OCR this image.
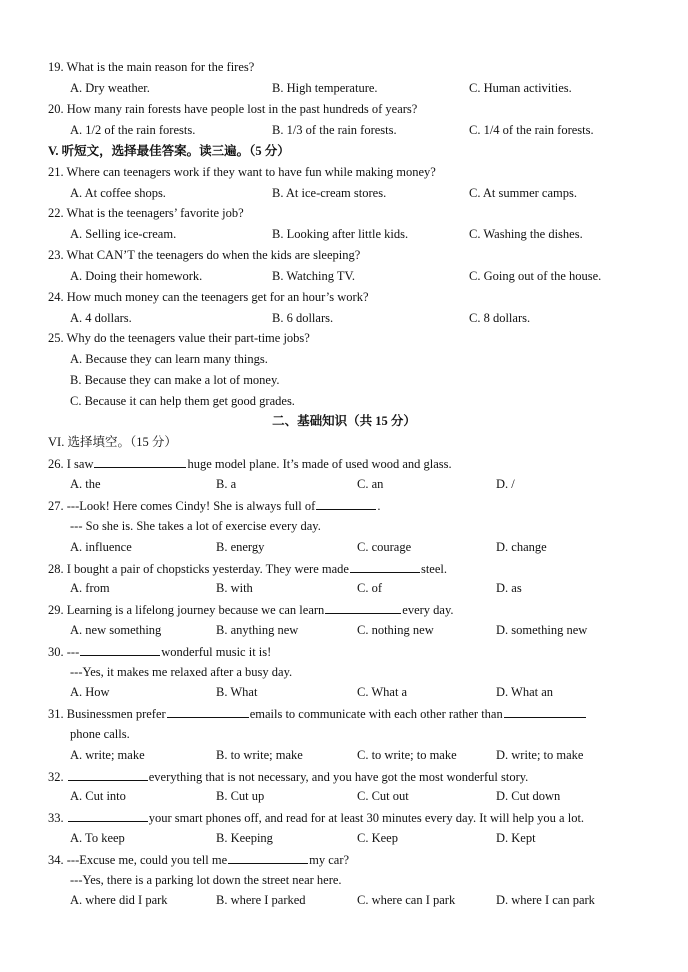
19. What is the main reason for the fires?
A. Dry weather.	B. High temperature.	C. Human activities.
20. How many rain forests have people lost in the past hundreds of years?
A. 1/2 of the rain forests.	B. 1/3 of the rain forests.	C. 1/4 of the rain forests.
V. 听短文，选择最佳答案。读三遍。（5 分）
21. Where can teenagers work if they want to have fun while making money?
A. At coffee shops.	B. At ice-cream stores.	C. At summer camps.
22. What is the teenagers’ favorite job?
A. Selling ice-cream.	B. Looking after little kids.	C. Washing the dishes.
23. What CAN’T the teenagers do when the kids are sleeping?
A. Doing their homework.	B. Watching TV.	C. Going out of the house.
24. How much money can the teenagers get for an hour’s work?
A. 4 dollars.	B. 6 dollars.	C. 8 dollars.
25. Why do the teenagers value their part-time jobs?
A. Because they can learn many things.
B. Because they can make a lot of money.
C. Because it can help them get good grades.
二、基础知识（共 15 分）
VI. 选择填空。（15 分）
26. I saw	huge model plane. It’s made of used wood and glass.
A. the	B. a	C. an	D. /
27. ---Look! Here comes Cindy! She is always full of	.
--- So she is. She takes a lot of exercise every day.
A. influence	B. energy	C. courage	D. change
28. I bought a pair of chopsticks yesterday. They were made	steel.
A. from	B. with	C. of	D. as
29. Learning is a lifelong journey because we can learn	every day.
A. new something	B. anything new	C. nothing new	D. something new
30. ---	wonderful music it is!
---Yes, it makes me relaxed after a busy day.
A. How	B. What	C. What a	D. What an
31. Businessmen prefer	emails to communicate with each other rather than
phone calls.
A. write; make	B. to write; make	C. to write; to make	D. write; to make
32.	everything that is not necessary, and you have got the most wonderful story.
A. Cut into	B. Cut up	C. Cut out	D. Cut down
33.	your smart phones off, and read for at least 30 minutes every day. It will help you a lot.
A. To keep	B. Keeping	C. Keep	D. Kept
34. ---Excuse me, could you tell me	my car?
---Yes, there is a parking lot down the street near here.
A. where did I park	B. where I parked	C. where can I park	D. where I can park
